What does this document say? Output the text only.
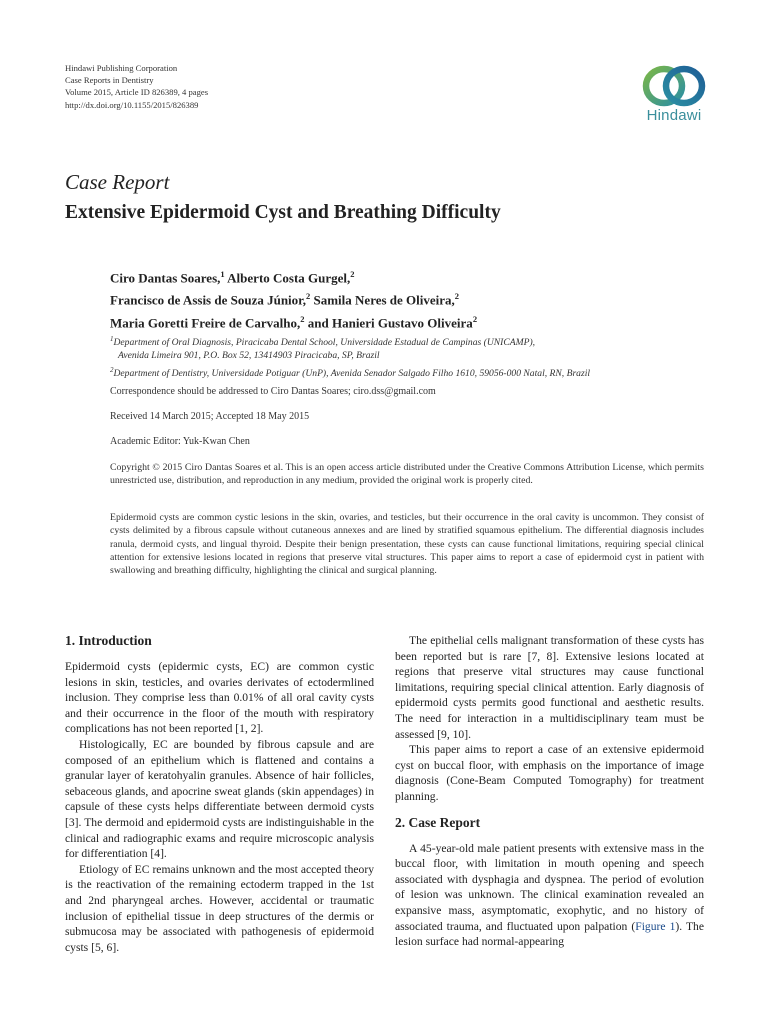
Hindawi Publishing Corporation
Case Reports in Dentistry
Volume 2015, Article ID 826389, 4 pages
http://dx.doi.org/10.1155/2015/826389
Hindawi
Case Report
Extensive Epidermoid Cyst and Breathing Difficulty
Ciro Dantas Soares,$^1$ Alberto Costa Gurgel,$^2$
Francisco de Assis de Souza Júnior,$^2$ Samila Neres de Oliveira,$^2$
Maria Goretti Freire de Carvalho,$^2$ and Hanieri Gustavo Oliveira$^2$
$^1$Department of Oral Diagnosis, Piracicaba Dental School, Universidade Estadual de Campinas (UNICAMP),
Avenida Limeira 901, P.O. Box 52, 13414903 Piracicaba, SP, Brazil
$^2$Department of Dentistry, Universidade Potiguar (UnP), Avenida Senador Salgado Filho 1610, 59056-000 Natal, RN, Brazil
Correspondence should be addressed to Ciro Dantas Soares; ciro.dss@gmail.com
Received 14 March 2015; Accepted 18 May 2015
Academic Editor: Yuk-Kwan Chen
Copyright © 2015 Ciro Dantas Soares et al. This is an open access article distributed under the Creative Commons Attribution License, which permits unrestricted use, distribution, and reproduction in any medium, provided the original work is properly cited.
Epidermoid cysts are common cystic lesions in the skin, ovaries, and testicles, but their occurrence in the oral cavity is uncommon. They consist of cysts delimited by a fibrous capsule without cutaneous annexes and are lined by stratified squamous epithelium. The differential diagnosis includes ranula, dermoid cysts, and lingual thyroid. Despite their benign presentation, these cysts can cause functional limitations, requiring special clinical attention for extensive lesions located in regions that preserve vital structures. This paper aims to report a case of epidermoid cyst in patient with swallowing and breathing difficulty, highlighting the clinical and surgical planning.
1. Introduction

Epidermoid cysts (epidermic cysts, EC) are common cystic lesions in skin, testicles, and ovaries derivates of ectodermlined inclusion. They comprise less than 0.01% of all oral cavity cysts and their occurrence in the floor of the mouth with respiratory complications has not been reported [1, 2].

Histologically, EC are bounded by fibrous capsule and are composed of an epithelium which is flattened and contains a granular layer of keratohyalin granules. Absence of hair follicles, sebaceous glands, and apocrine sweat glands (skin appendages) in capsule of these cysts helps differentiate between dermoid cysts [3]. The dermoid and epidermoid cysts are indistinguishable in the clinical and radiographic exams and require microscopic analysis for differentiation [4].

Etiology of EC remains unknown and the most accepted theory is the reactivation of the remaining ectoderm trapped in the 1st and 2nd pharyngeal arches. However, accidental or traumatic inclusion of epithelial tissue in deep structures of the dermis or submucosa may be associated with pathogenesis of epidermoid cysts [5, 6].

The epithelial cells malignant transformation of these cysts has been reported but is rare [7, 8]. Extensive lesions located at regions that preserve vital structures may cause functional limitations, requiring special clinical attention. Early diagnosis of epidermoid cysts permits good functional and aesthetic results. The need for interaction in a multidisciplinary team must be assessed [9, 10].

This paper aims to report a case of an extensive epidermoid cyst on buccal floor, with emphasis on the importance of image diagnosis (Cone-Beam Computed Tomography) for treatment planning.

2. Case Report

A 45-year-old male patient presents with extensive mass in the buccal floor, with limitation in mouth opening and speech associated with dysphagia and dyspnea. The period of evolution of lesion was unknown. The clinical examination revealed an expansive mass, asymptomatic, exophytic, and no history of associated trauma, and fluctuated upon palpation (Figure 1). The lesion surface had normal-appearing
